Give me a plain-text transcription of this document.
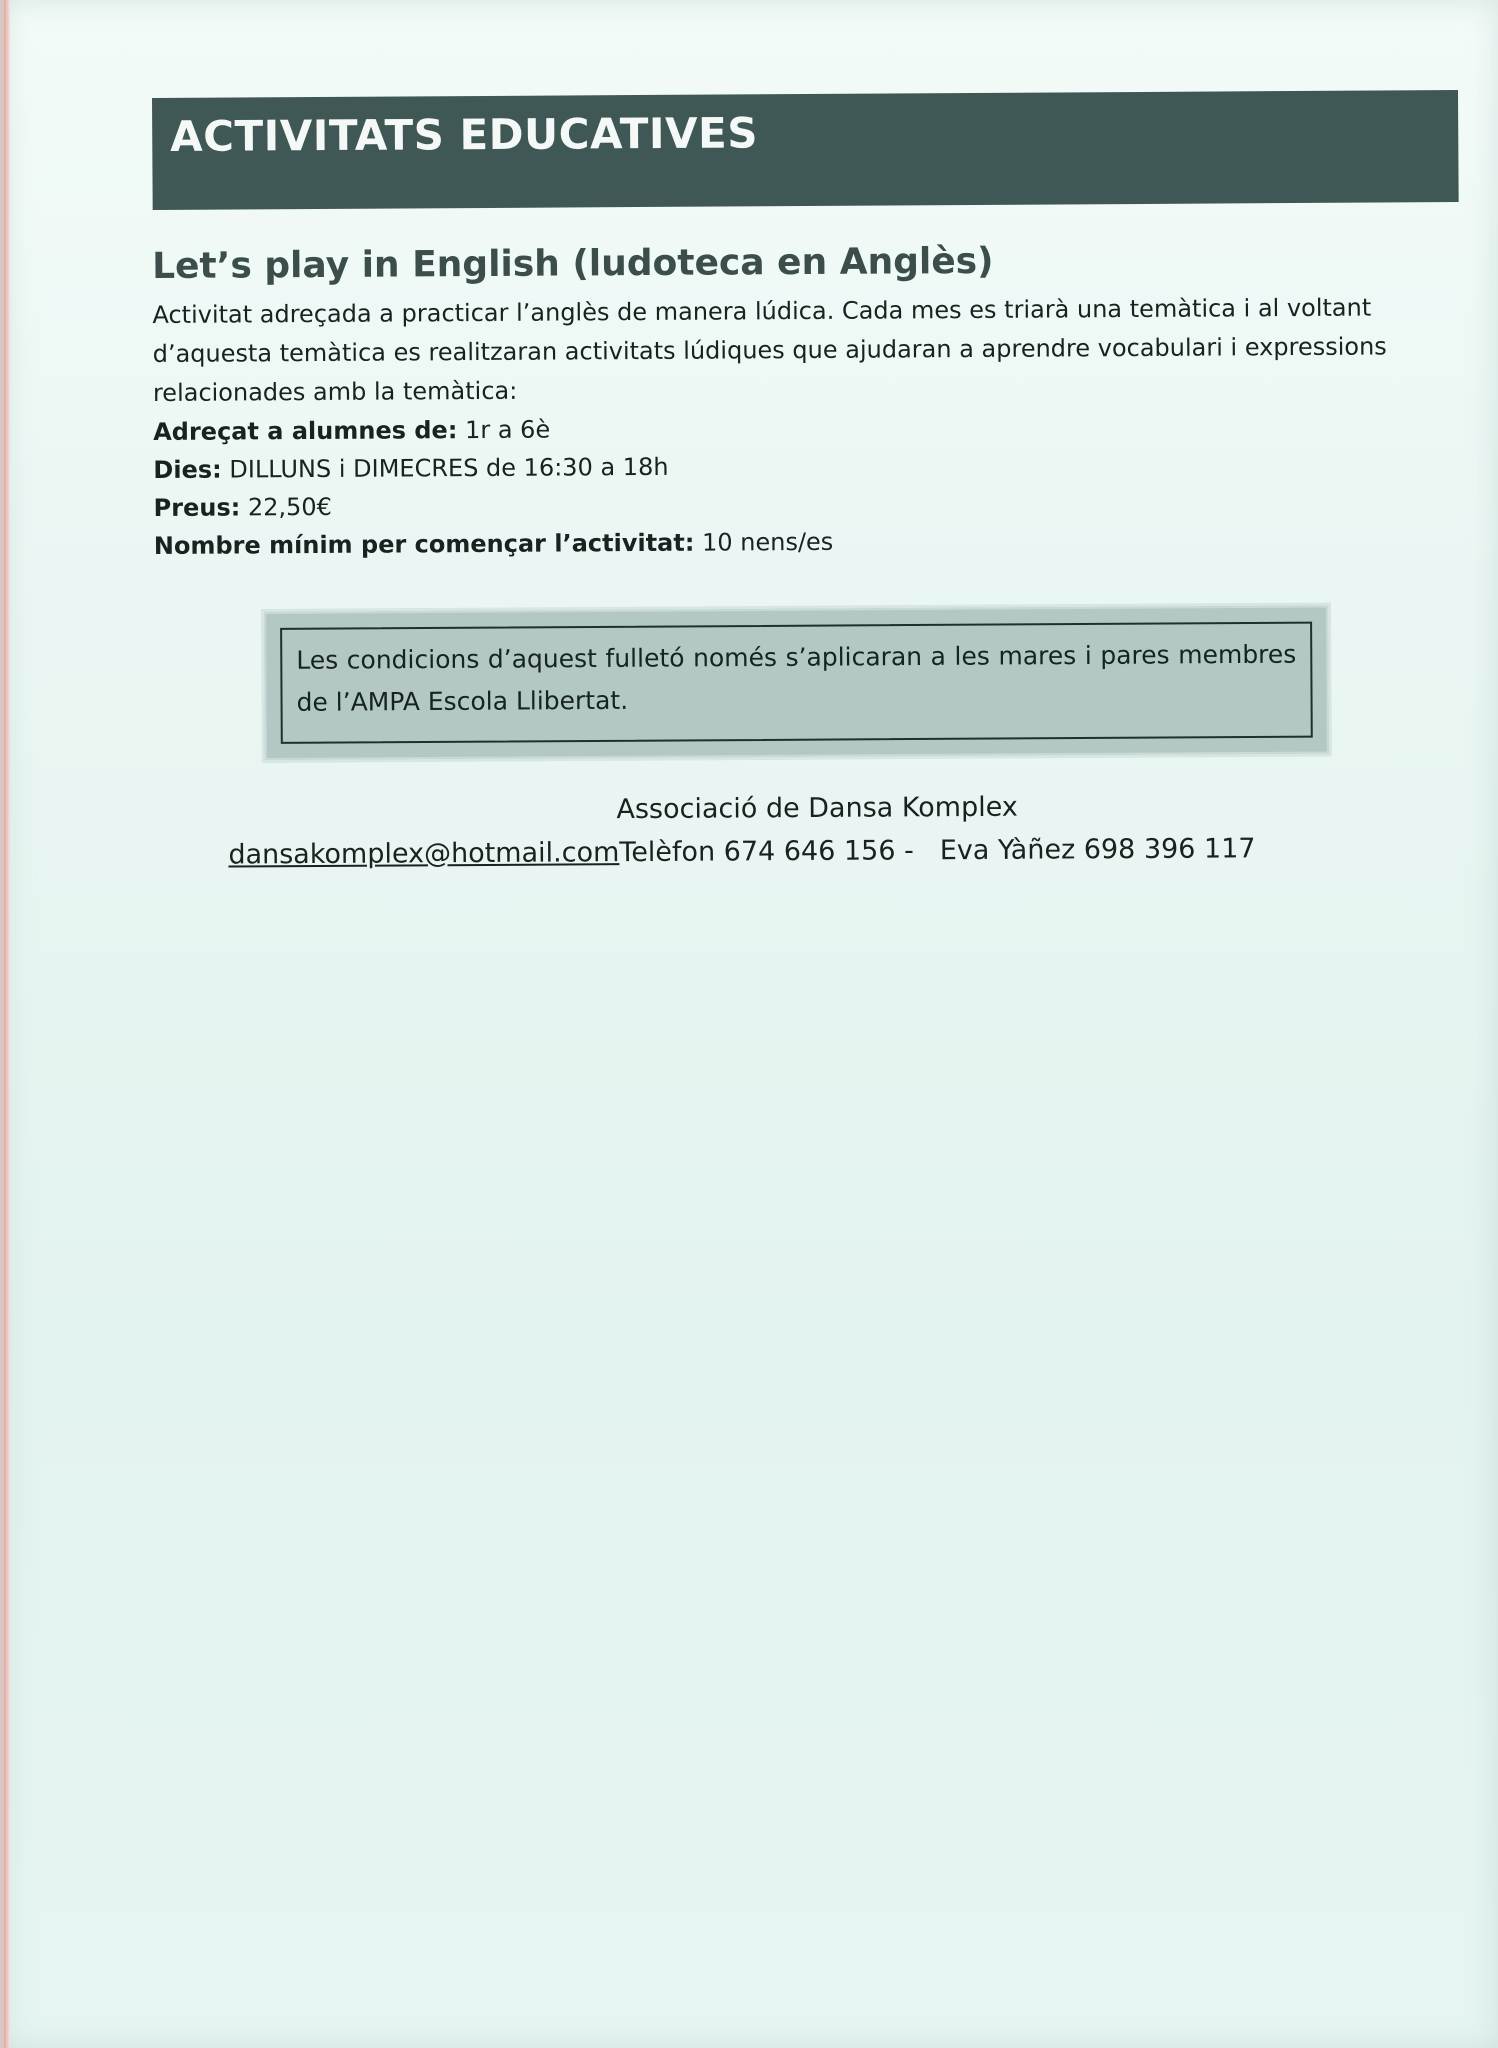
ACTIVITATS EDUCATIVES
Let’s play in English (ludoteca en Anglès)

Activitat adreçada a practicar l’anglès de manera lúdica. Cada mes es triarà una temàtica i al voltant d’aquesta temàtica es realitzaran activitats lúdiques que ajudaran a aprendre vocabulari i expressions relacionades amb la temàtica:

Adreçat a alumnes de: 1r a 6è
Dies: DILLUNS i DIMECRES de 16:30 a 18h
Preus: 22,50€
Nombre mínim per començar l’activitat: 10 nens/es
Les condicions d’aquest fulletó només s’aplicaran a les mares i pares membres de l’AMPA Escola Llibertat.
Associació de Dansa Komplex
dansakomplex@hotmail.comTelèfon 674 646 156 - Eva Yàñez 698 396 117
